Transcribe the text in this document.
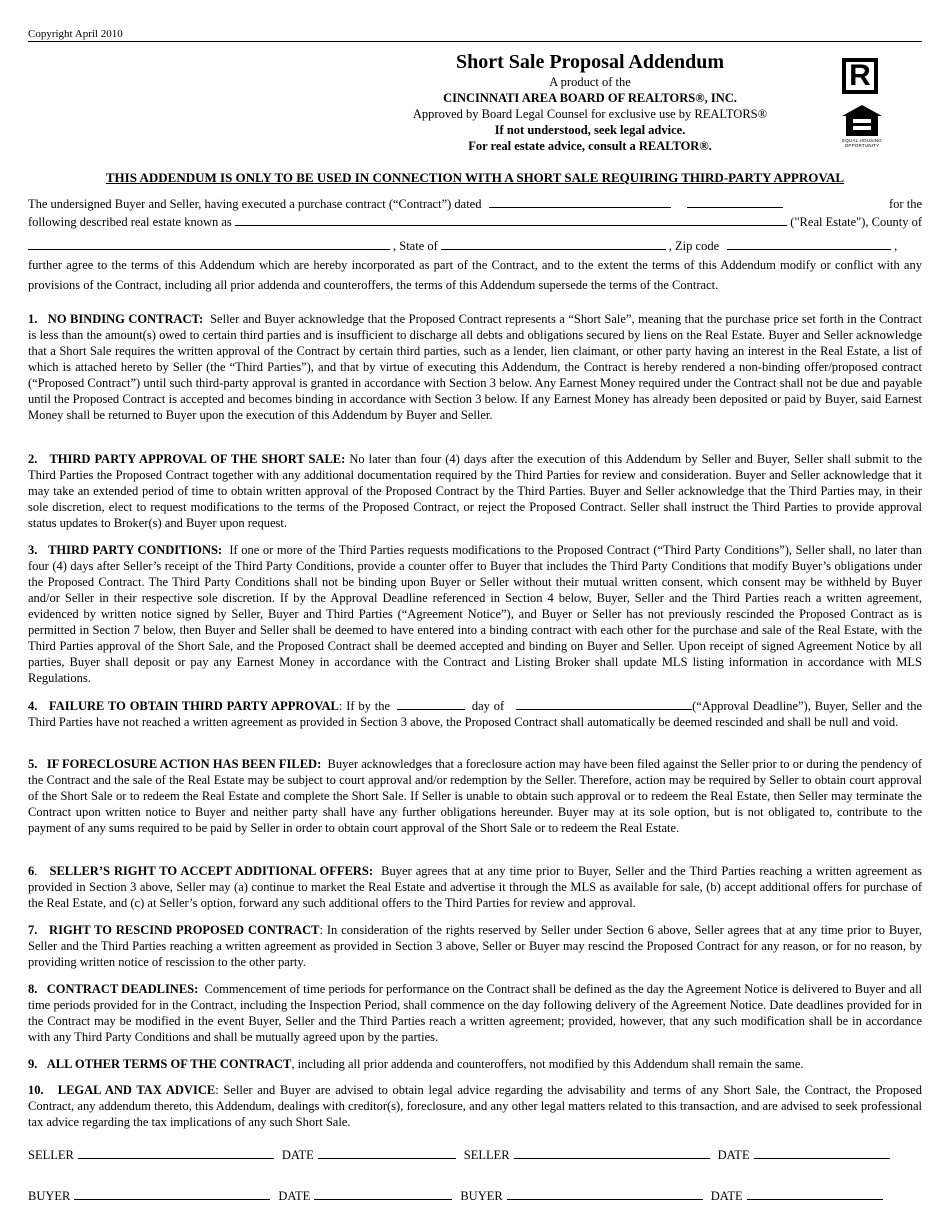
Copyright April 2010
Short Sale Proposal Addendum
A product of the
CINCINNATI AREA BOARD OF REALTORS®, INC.
Approved by Board Legal Counsel for exclusive use by REALTORS®
If not understood, seek legal advice.
For real estate advice, consult a REALTOR®.
R
EQUAL HOUSING
OPPORTUNITY
THIS ADDENDUM IS ONLY TO BE USED IN CONNECTION WITH A SHORT SALE REQUIRING THIRD-PARTY APPROVAL
The undersigned Buyer and Seller, having executed a purchase contract (“Contract”) dated	for the
following described real estate known as	("Real Estate"), County of
, State of	, Zip code	,

further agree to the terms of this Addendum which are hereby incorporated as part of the Contract, and to the extent the terms of this Addendum modify or conflict with any provisions of the Contract, including all prior addenda and counteroffers, the terms of this Addendum supersede the terms of the Contract.

1. NO BINDING CONTRACT: Seller and Buyer acknowledge that the Proposed Contract represents a “Short Sale”, meaning that the purchase price set forth in the Contract is less than the amount(s) owed to certain third parties and is insufficient to discharge all debts and obligations secured by liens on the Real Estate. Buyer and Seller acknowledge that a Short Sale requires the written approval of the Contract by certain third parties, such as a lender, lien claimant, or other party having an interest in the Real Estate, a list of which is attached hereto by Seller (the “Third Parties”), and that by virtue of executing this Addendum, the Contract is hereby rendered a non-binding offer/proposed contract (“Proposed Contract”) until such third-party approval is granted in accordance with Section 3 below. Any Earnest Money required under the Contract shall not be due and payable until the Proposed Contract is accepted and becomes binding in accordance with Section 3 below. If any Earnest Money has already been deposited or paid by Buyer, said Earnest Money shall be returned to Buyer upon the execution of this Addendum by Buyer and Seller.

2. THIRD PARTY APPROVAL OF THE SHORT SALE: No later than four (4) days after the execution of this Addendum by Seller and Buyer, Seller shall submit to the Third Parties the Proposed Contract together with any additional documentation required by the Third Parties for review and consideration. Buyer and Seller acknowledge that it may take an extended period of time to obtain written approval of the Proposed Contract by the Third Parties. Buyer and Seller acknowledge that the Third Parties may, in their sole discretion, elect to request modifications to the terms of the Proposed Contract, or reject the Proposed Contract. Seller shall instruct the Third Parties to provide approval status updates to Broker(s) and Buyer upon request.

3. THIRD PARTY CONDITIONS: If one or more of the Third Parties requests modifications to the Proposed Contract (“Third Party Conditions”), Seller shall, no later than four (4) days after Seller’s receipt of the Third Party Conditions, provide a counter offer to Buyer that includes the Third Party Conditions that modify Buyer’s obligations under the Proposed Contract. The Third Party Conditions shall not be binding upon Buyer or Seller without their mutual written consent, which consent may be withheld by Buyer and/or Seller in their respective sole discretion. If by the Approval Deadline referenced in Section 4 below, Buyer, Seller and the Third Parties reach a written agreement, evidenced by written notice signed by Seller, Buyer and Third Parties (“Agreement Notice”), and Buyer or Seller has not previously rescinded the Proposed Contract as is permitted in Section 7 below, then Buyer and Seller shall be deemed to have entered into a binding contract with each other for the purchase and sale of the Real Estate, with the Third Parties approval of the Short Sale, and the Proposed Contract shall be deemed accepted and binding on Buyer and Seller. Upon receipt of signed Agreement Notice by all parties, Buyer shall deposit or pay any Earnest Money in accordance with the Contract and Listing Broker shall update MLS listing information in accordance with MLS Regulations.

4. FAILURE TO OBTAIN THIRD PARTY APPROVAL: If by the	day of	(“Approval Deadline”), Buyer, Seller and the Third Parties have not reached a written agreement as provided in Section 3 above, the Proposed Contract shall automatically be deemed rescinded and shall be null and void.

5. IF FORECLOSURE ACTION HAS BEEN FILED: Buyer acknowledges that a foreclosure action may have been filed against the Seller prior to or during the pendency of the Contract and the sale of the Real Estate may be subject to court approval and/or redemption by the Seller. Therefore, action may be required by Seller to obtain court approval of the Short Sale or to redeem the Real Estate and complete the Short Sale. If Seller is unable to obtain such approval or to redeem the Real Estate, then Seller may terminate the Contract upon written notice to Buyer and neither party shall have any further obligations hereunder. Buyer may at its sole option, but is not obligated to, contribute to the payment of any sums required to be paid by Seller in order to obtain court approval of the Short Sale or to redeem the Real Estate.

6.   SELLER’S RIGHT TO ACCEPT ADDITIONAL OFFERS: Buyer agrees that at any time prior to Buyer, Seller and the Third Parties reaching a written agreement as provided in Section 3 above, Seller may (a) continue to market the Real Estate and advertise it through the MLS as available for sale, (b) accept additional offers for purchase of the Real Estate, and (c) at Seller’s option, forward any such additional offers to the Third Parties for review and approval.

7. RIGHT TO RESCIND PROPOSED CONTRACT: In consideration of the rights reserved by Seller under Section 6 above, Seller agrees that at any time prior to Buyer, Seller and the Third Parties reaching a written agreement as provided in Section 3 above, Seller or Buyer may rescind the Proposed Contract for any reason, or for no reason, by providing written notice of rescission to the other party.

8. CONTRACT DEADLINES: Commencement of time periods for performance on the Contract shall be defined as the day the Agreement Notice is delivered to Buyer and all time periods provided for in the Contract, including the Inspection Period, shall commence on the day following delivery of the Agreement Notice. Date deadlines provided for in the Contract may be modified in the event Buyer, Seller and the Third Parties reach a written agreement; provided, however, that any such modification shall be in accordance with any Third Party Conditions and shall be mutually agreed upon by the parties.

9. ALL OTHER TERMS OF THE CONTRACT, including all prior addenda and counteroffers, not modified by this Addendum shall remain the same.

10. LEGAL AND TAX ADVICE: Seller and Buyer are advised to obtain legal advice regarding the advisability and terms of any Short Sale, the Contract, the Proposed Contract, any addendum thereto, this Addendum, dealings with creditor(s), foreclosure, and any other legal matters related to this transaction, and are advised to seek professional tax advice regarding the tax implications of any such Short Sale.

SELLER	DATE	SELLER	DATE
BUYER	DATE	BUYER	DATE
